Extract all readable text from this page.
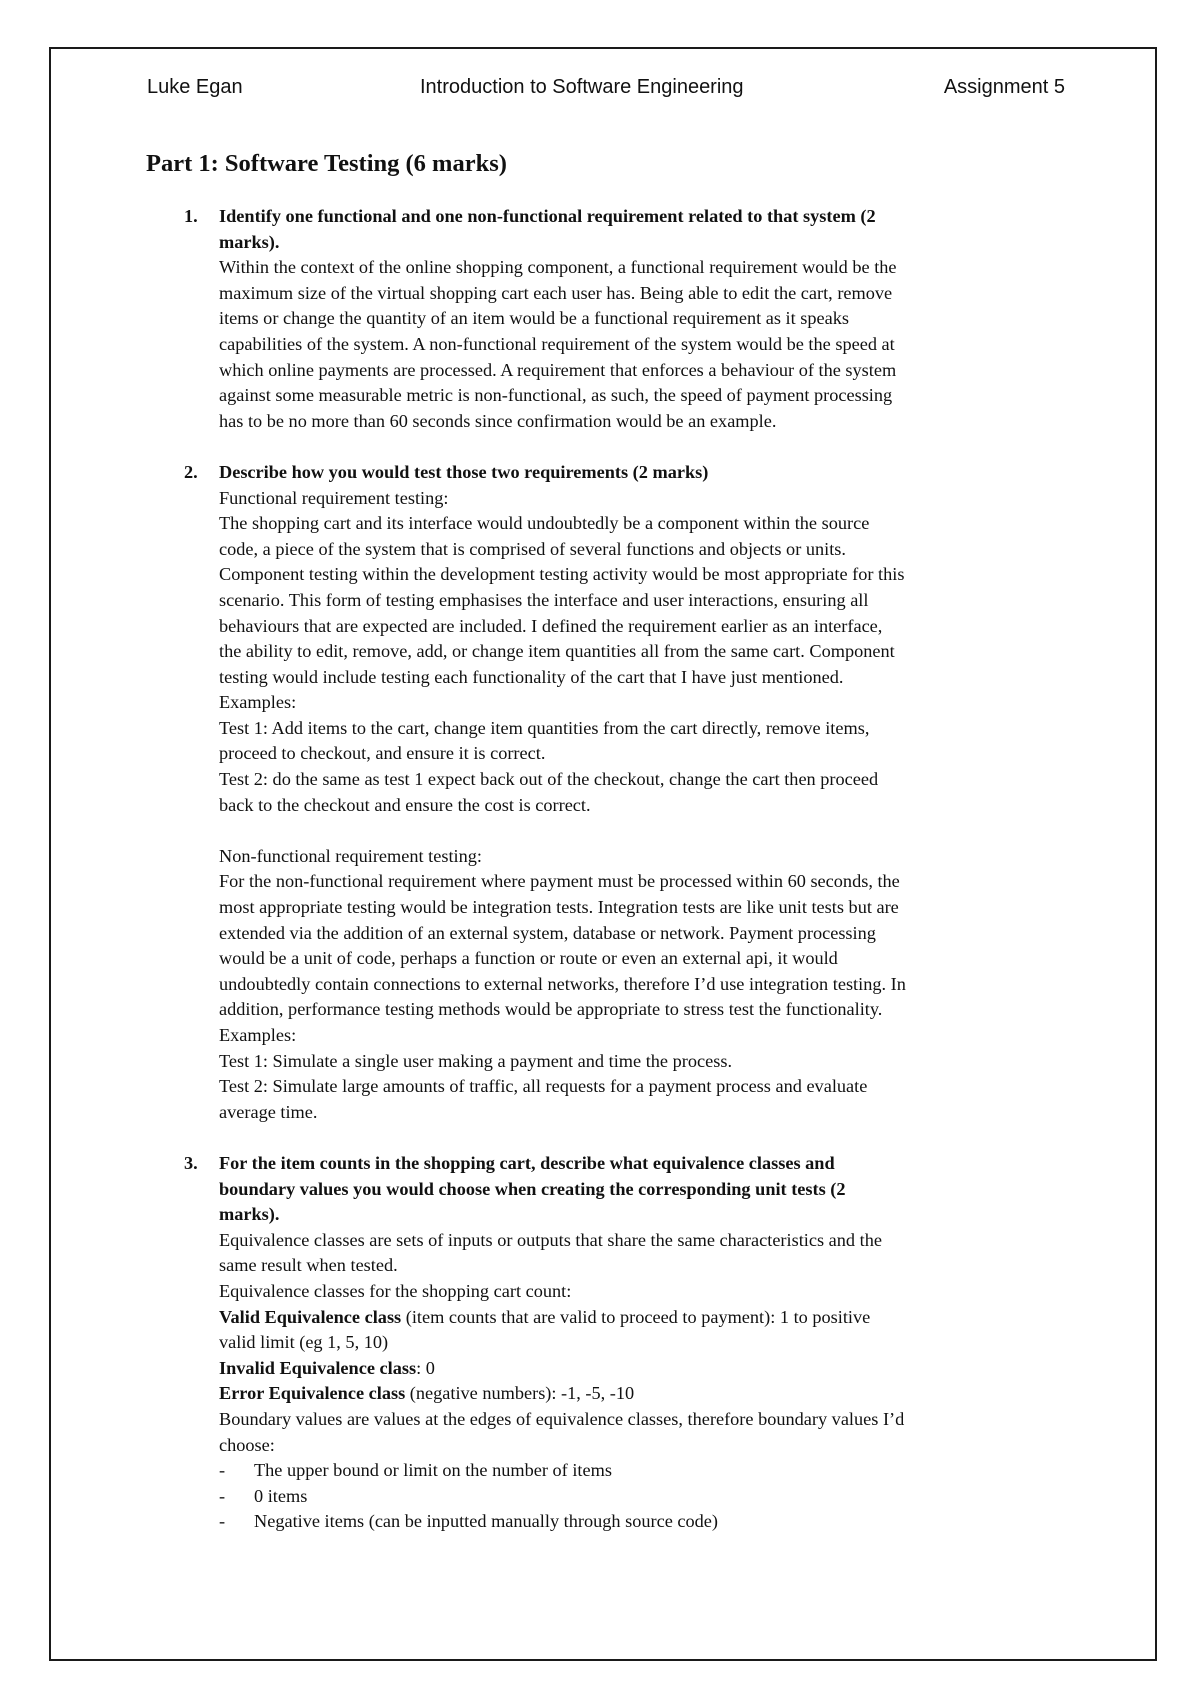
Luke Egan	Introduction to Software Engineering	Assignment 5
Part 1: Software Testing (6 marks)
1. Identify one functional and one non-functional requirement related to that system (2
marks).
Within the context of the online shopping component, a functional requirement would be the
maximum size of the virtual shopping cart each user has. Being able to edit the cart, remove
items or change the quantity of an item would be a functional requirement as it speaks
capabilities of the system. A non-functional requirement of the system would be the speed at
which online payments are processed. A requirement that enforces a behaviour of the system
against some measurable metric is non-functional, as such, the speed of payment processing
has to be no more than 60 seconds since confirmation would be an example.
2. Describe how you would test those two requirements (2 marks)
Functional requirement testing:
The shopping cart and its interface would undoubtedly be a component within the source
code, a piece of the system that is comprised of several functions and objects or units.
Component testing within the development testing activity would be most appropriate for this
scenario. This form of testing emphasises the interface and user interactions, ensuring all
behaviours that are expected are included. I defined the requirement earlier as an interface,
the ability to edit, remove, add, or change item quantities all from the same cart. Component
testing would include testing each functionality of the cart that I have just mentioned.
Examples:
Test 1: Add items to the cart, change item quantities from the cart directly, remove items,
proceed to checkout, and ensure it is correct.
Test 2: do the same as test 1 expect back out of the checkout, change the cart then proceed
back to the checkout and ensure the cost is correct.
Non-functional requirement testing:
For the non-functional requirement where payment must be processed within 60 seconds, the
most appropriate testing would be integration tests. Integration tests are like unit tests but are
extended via the addition of an external system, database or network. Payment processing
would be a unit of code, perhaps a function or route or even an external api, it would
undoubtedly contain connections to external networks, therefore I’d use integration testing. In
addition, performance testing methods would be appropriate to stress test the functionality.
Examples:
Test 1: Simulate a single user making a payment and time the process.
Test 2: Simulate large amounts of traffic, all requests for a payment process and evaluate
average time.
3. For the item counts in the shopping cart, describe what equivalence classes and
boundary values you would choose when creating the corresponding unit tests (2
marks).
Equivalence classes are sets of inputs or outputs that share the same characteristics and the
same result when tested.
Equivalence classes for the shopping cart count:
Valid Equivalence class (item counts that are valid to proceed to payment): 1 to positive
valid limit (eg 1, 5, 10)
Invalid Equivalence class: 0
Error Equivalence class (negative numbers): -1, -5, -10
Boundary values are values at the edges of equivalence classes, therefore boundary values I’d
choose:
- The upper bound or limit on the number of items
- 0 items
- Negative items (can be inputted manually through source code)
